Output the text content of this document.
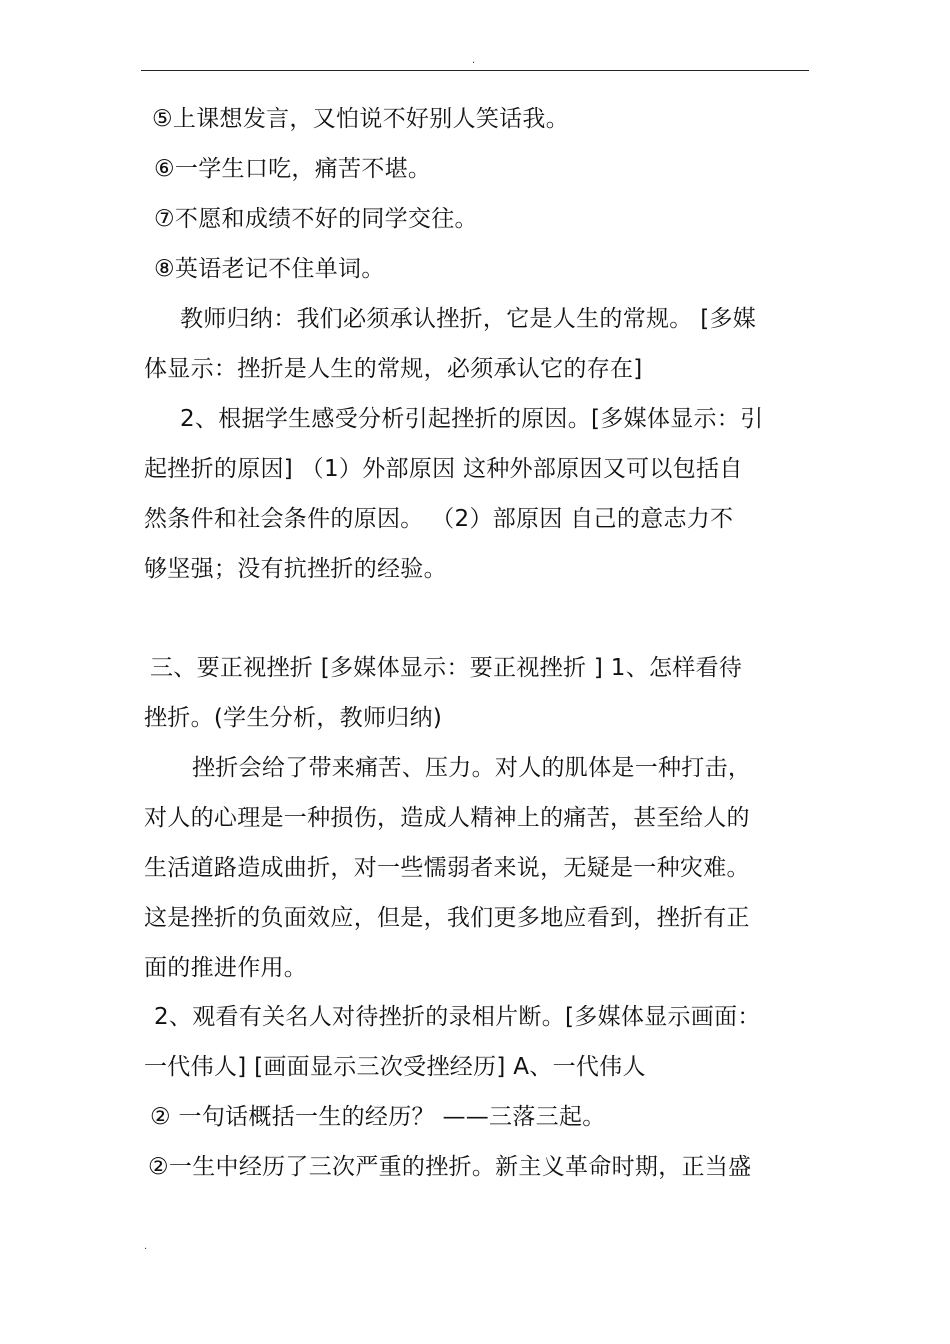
.
⑤上课想发言，又怕说不好别人笑话我。
⑥一学生口吃，痛苦不堪。
⑦不愿和成绩不好的同学交往。
⑧英语老记不住单词。
教师归纳：我们必须承认挫折，它是人生的常规。 [多媒
体显示：挫折是人生的常规，必须承认它的存在]
2、根据学生感受分析引起挫折的原因。[多媒体显示：引
起挫折的原因] （1）外部原因 这种外部原因又可以包括自
然条件和社会条件的原因。 （2）部原因 自己的意志力不
够坚强；没有抗挫折的经验。
三、要正视挫折 [多媒体显示：要正视挫折 ] 1、怎样看待
挫折。(学生分析，教师归纳)
挫折会给了带来痛苦、压力。对人的肌体是一种打击，
对人的心理是一种损伤，造成人精神上的痛苦，甚至给人的
生活道路造成曲折，对一些懦弱者来说，无疑是一种灾难。
这是挫折的负面效应，但是，我们更多地应看到，挫折有正
面的推进作用。
2、观看有关名人对待挫折的录相片断。[多媒体显示画面：
一代伟人] [画面显示三次受挫经历] A、一代伟人
② 一句话概括一生的经历？ ——三落三起。
②一生中经历了三次严重的挫折。新主义革命时期，正当盛
.
